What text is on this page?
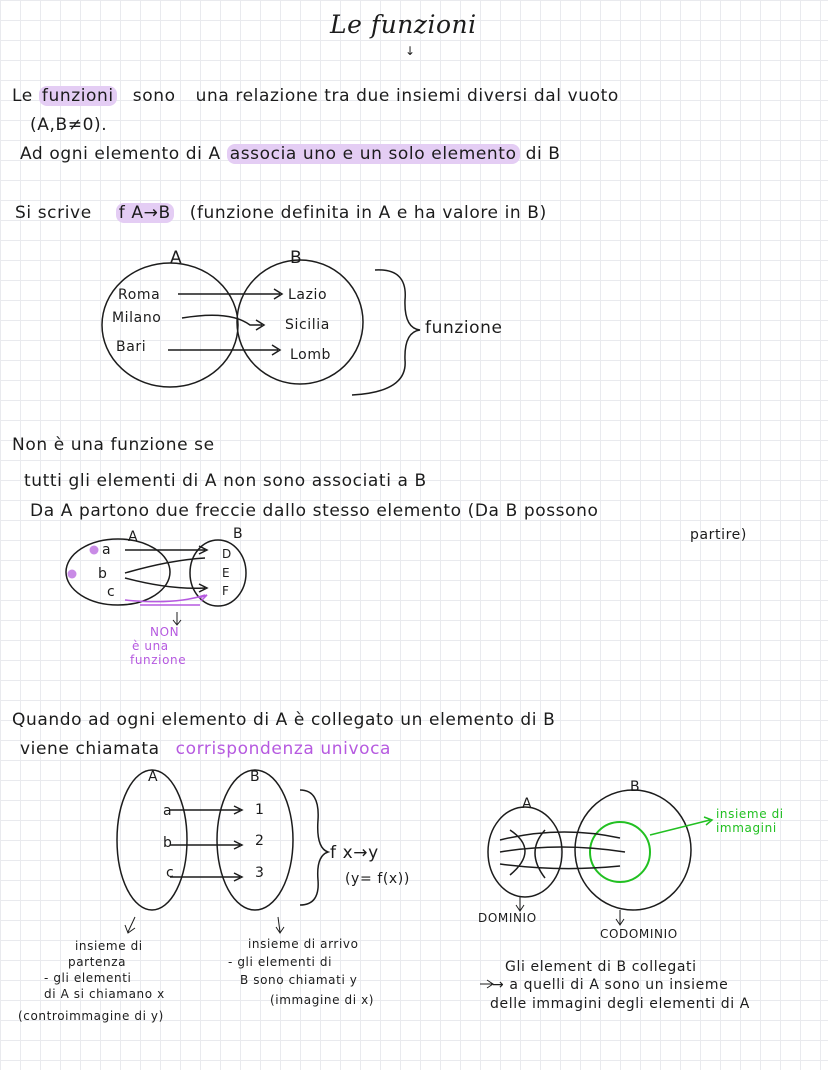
Le funzioni
↓
Le funzioni sono una relazione tra due insiemi diversi dal vuoto
(A,B≠0).
Ad ogni elemento di A associa uno e un solo elemento di B
Si scrive f A→B (funzione definita in A e ha valore in B)
A	B
Roma
Milano
Bari
Lazio
Sicilia
Lomb
funzione
Non è una funzione se
tutti gli elementi di A non sono associati a B
Da A partono due freccie dallo stesso elemento (Da B possono
partire)
A	B
a
b
c
D
E
F
NON
è una
funzione
Quando ad ogni elemento di A è collegato un elemento di B
viene chiamata corrispondenza univoca
A	B
a
b
c
1
2
3
f x→y
(y= f(x))
insieme di
partenza
- gli elementi
di A si chiamano x
(controimmagine di y)
insieme di arrivo
- gli elementi di
B sono chiamati y
(immagine di x)
A
B
DOMINIO
CODOMINIO
insieme di
immagini
Gli element di B collegati
→ a quelli di A sono un insieme
delle immagini degli elementi di A
